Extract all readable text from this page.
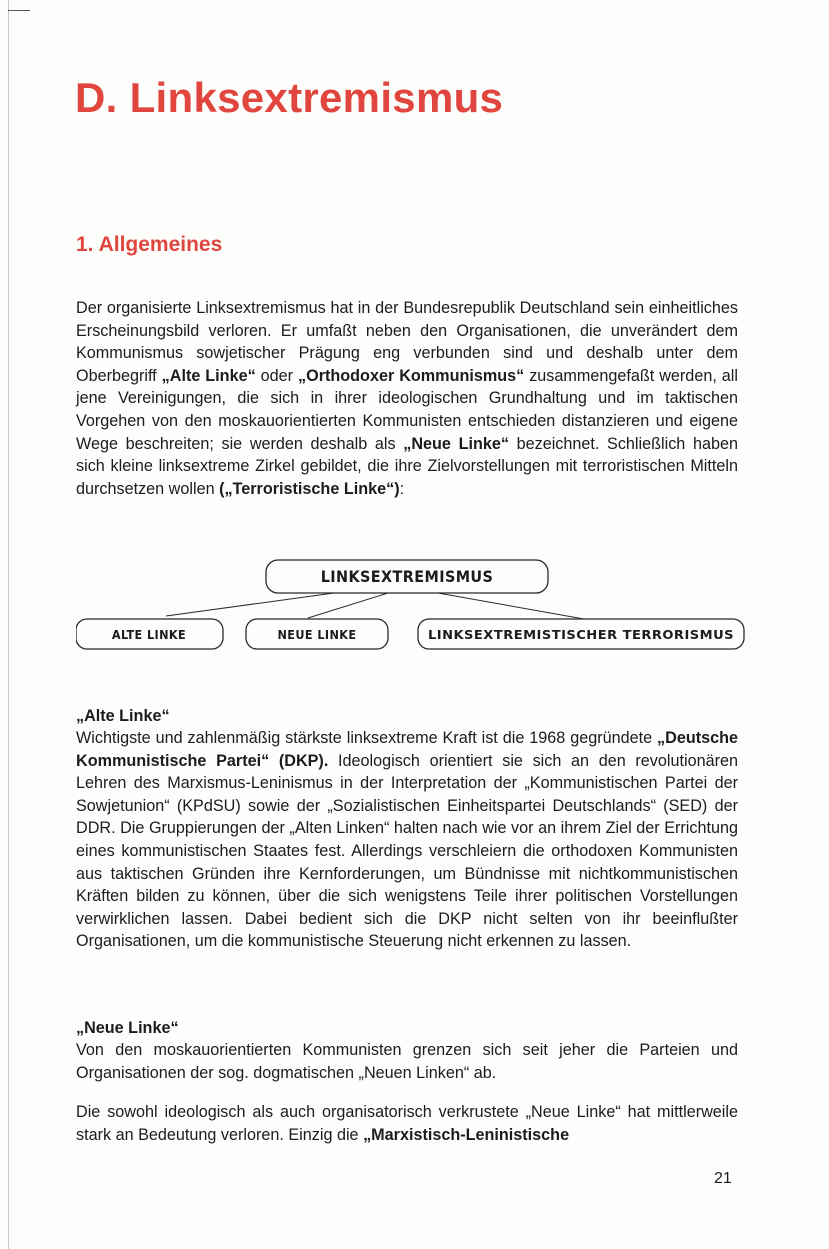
D. Linksextremismus
1. Allgemeines

Der organisierte Linksextremismus hat in der Bundesrepublik Deutschland sein einheitliches Erscheinungsbild verloren. Er umfaßt neben den Organisationen, die unverändert dem Kommunismus sowjetischer Prägung eng verbunden sind und deshalb unter dem Oberbegriff „Alte Linke“ oder „Orthodoxer Kommunismus“ zusammengefaßt werden, all jene Vereinigungen, die sich in ihrer ideologischen Grundhaltung und im taktischen Vorgehen von den moskauorientierten Kommunisten entschieden distanzieren und eigene Wege beschreiten; sie werden deshalb als „Neue Linke“ bezeichnet. Schließlich haben sich kleine linksextreme Zirkel gebildet, die ihre Zielvorstellungen mit terroristischen Mitteln durchsetzen wollen („Terroristische Linke“):

LINKSEXTREMISMUS
ALTE LINKE	NEUE LINKE	LINKSEXTREMISTISCHER TERRORISMUS

„Alte Linke“

Wichtigste und zahlenmäßig stärkste linksextreme Kraft ist die 1968 gegründete „Deutsche Kommunistische Partei“ (DKP). Ideologisch orientiert sie sich an den revolutionären Lehren des Marxismus-Leninismus in der Interpretation der „Kommunistischen Partei der Sowjetunion“ (KPdSU) sowie der „Sozialistischen Einheitspartei Deutschlands“ (SED) der DDR. Die Gruppierungen der „Alten Linken“ halten nach wie vor an ihrem Ziel der Errichtung eines kommunistischen Staates fest. Allerdings verschleiern die orthodoxen Kommunisten aus taktischen Gründen ihre Kernforderungen, um Bündnisse mit nichtkommunistischen Kräften bilden zu können, über die sich wenigstens Teile ihrer politischen Vorstellungen verwirklichen lassen. Dabei bedient sich die DKP nicht selten von ihr beeinflußter Organisationen, um die kommunistische Steuerung nicht erkennen zu lassen.

„Neue Linke“

Von den moskauorientierten Kommunisten grenzen sich seit jeher die Parteien und Organisationen der sog. dogmatischen „Neuen Linken“ ab.

Die sowohl ideologisch als auch organisatorisch verkrustete „Neue Linke“ hat mittlerweile stark an Bedeutung verloren. Einzig die „Marxistisch-Leninistische

21
